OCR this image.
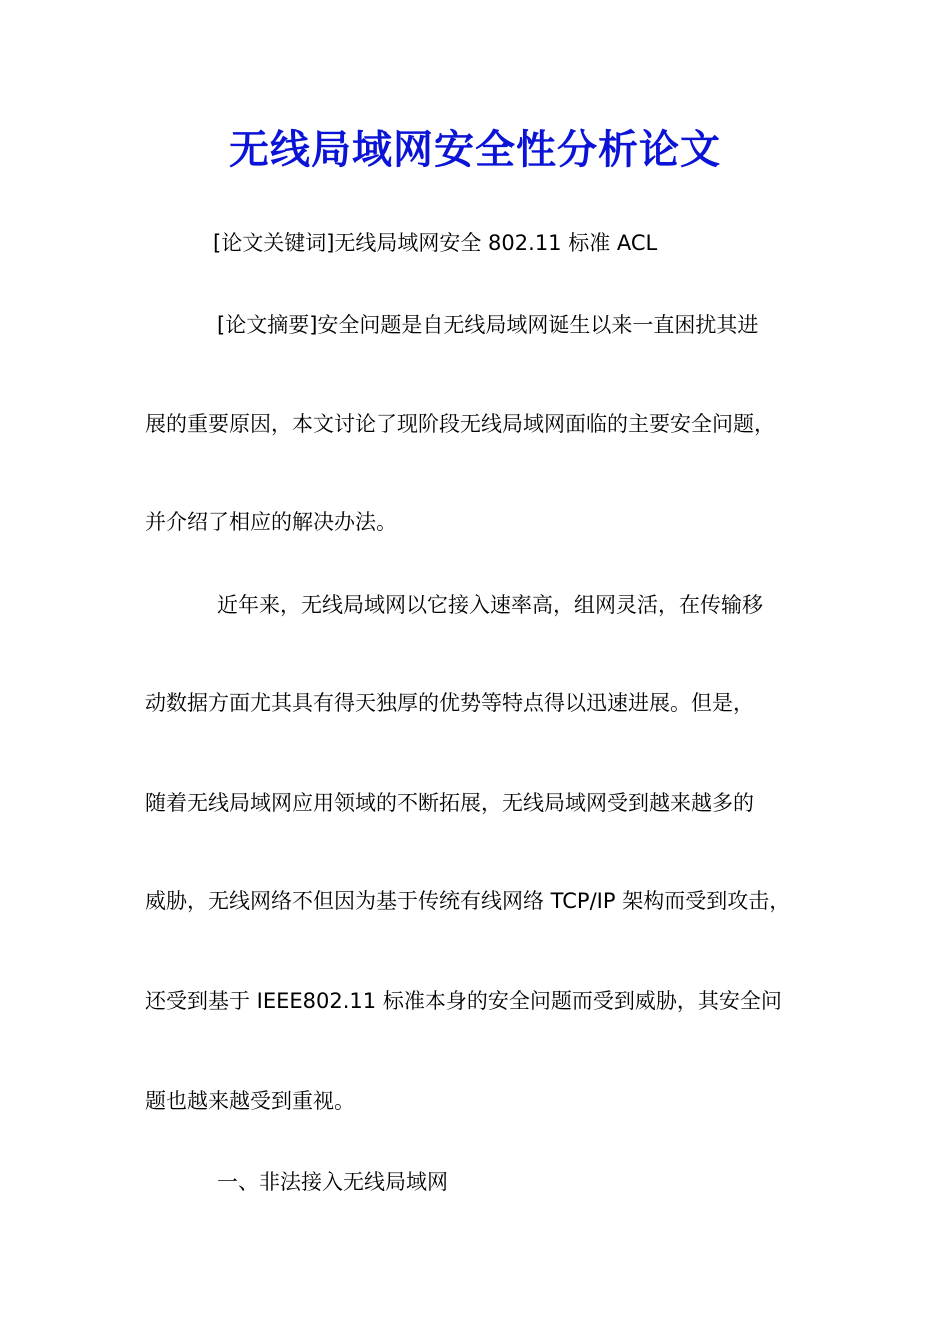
无线局域网安全性分析论文
[论文关键词]无线局域网安全 802.11 标准 ACL
[论文摘要]安全问题是自无线局域网诞生以来一直困扰其进
展的重要原因，本文讨论了现阶段无线局域网面临的主要安全问题，
并介绍了相应的解决办法。
近年来，无线局域网以它接入速率高，组网灵活，在传输移
动数据方面尤其具有得天独厚的优势等特点得以迅速进展。但是，
随着无线局域网应用领域的不断拓展，无线局域网受到越来越多的
威胁，无线网络不但因为基于传统有线网络 TCP/IP 架构而受到攻击，
还受到基于 IEEE802.11 标准本身的安全问题而受到威胁，其安全问
题也越来越受到重视。
一、非法接入无线局域网
